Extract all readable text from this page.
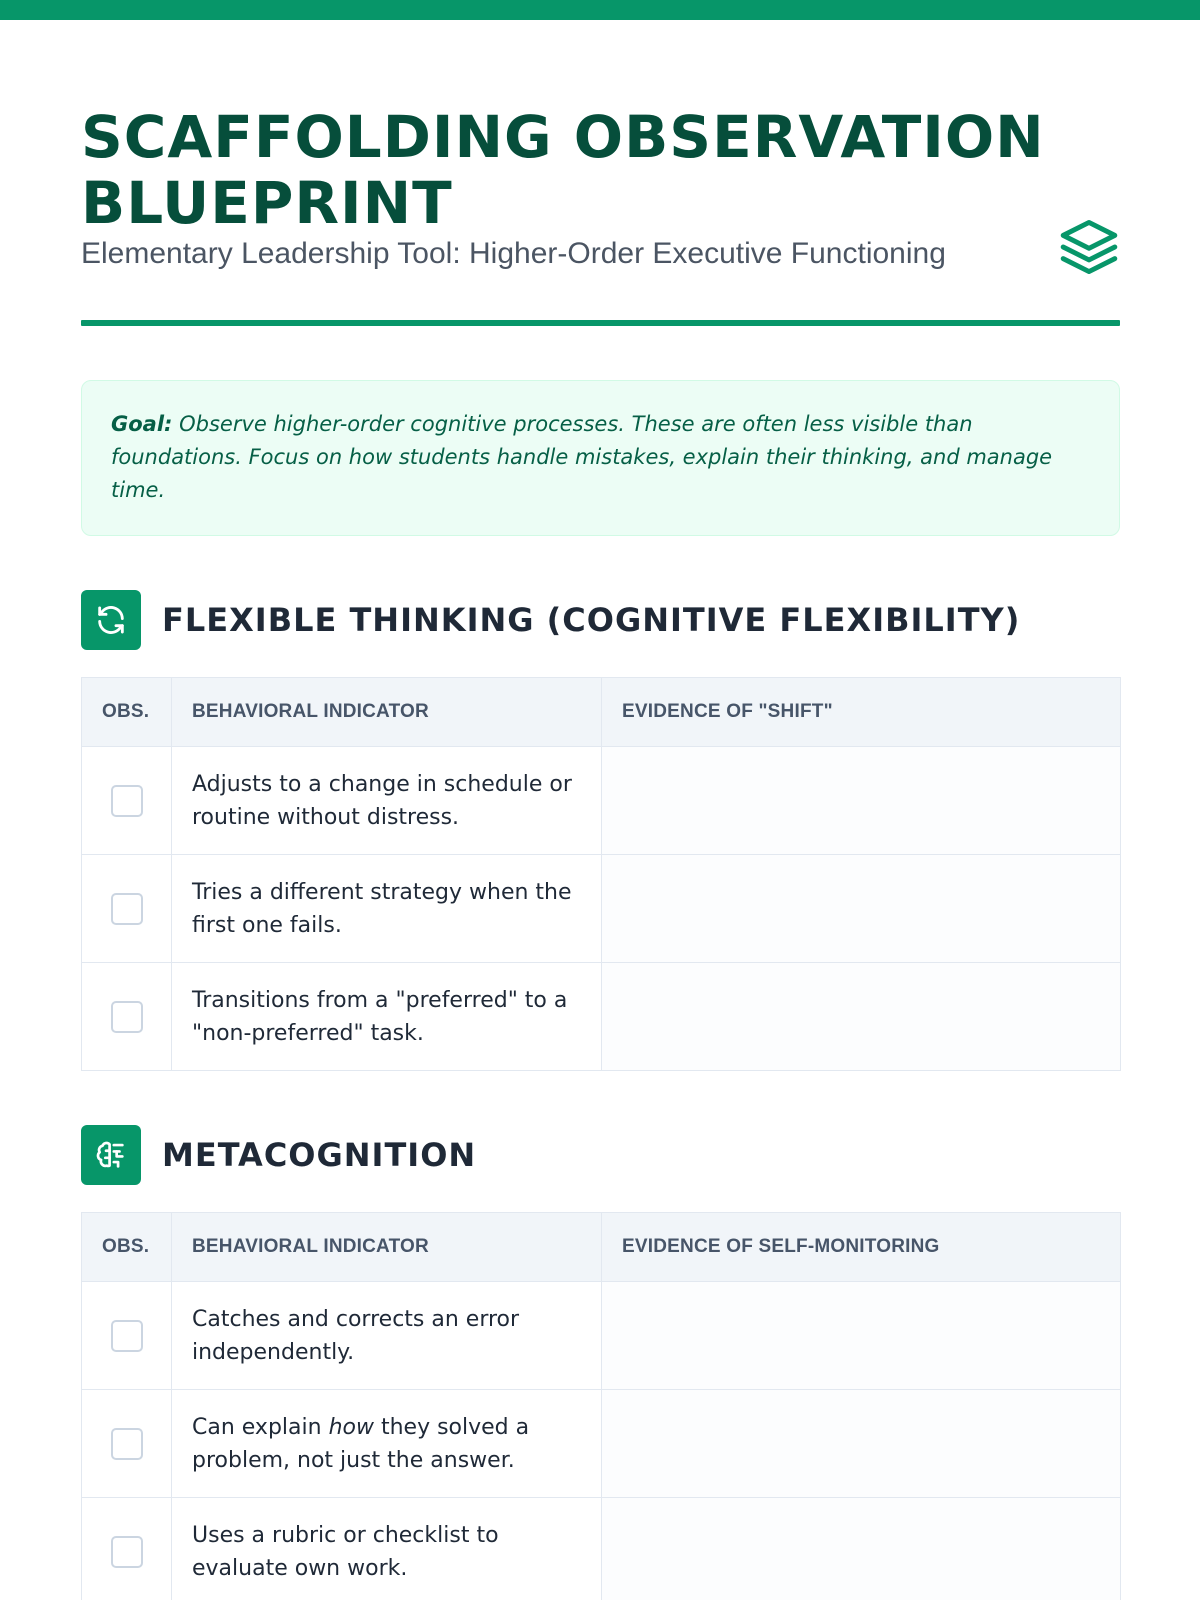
SCAFFOLDING OBSERVATION BLUEPRINT
Elementary Leadership Tool: Higher-Order Executive Functioning
Goal: Observe higher-order cognitive processes. These are often less visible than foundations. Focus on how students handle mistakes, explain their thinking, and manage time.
FLEXIBLE THINKING (COGNITIVE FLEXIBILITY)
OBS.	BEHAVIORAL INDICATOR	EVIDENCE OF "SHIFT"
	Adjusts to a change in schedule or routine without distress.	
	Tries a different strategy when the first one fails.	
	Transitions from a "preferred" to a "non-preferred" task.	
METACOGNITION
OBS.	BEHAVIORAL INDICATOR	EVIDENCE OF SELF-MONITORING
	Catches and corrects an error independently.	
	Can explain how they solved a problem, not just the answer.	
	Uses a rubric or checklist to evaluate own work.	
